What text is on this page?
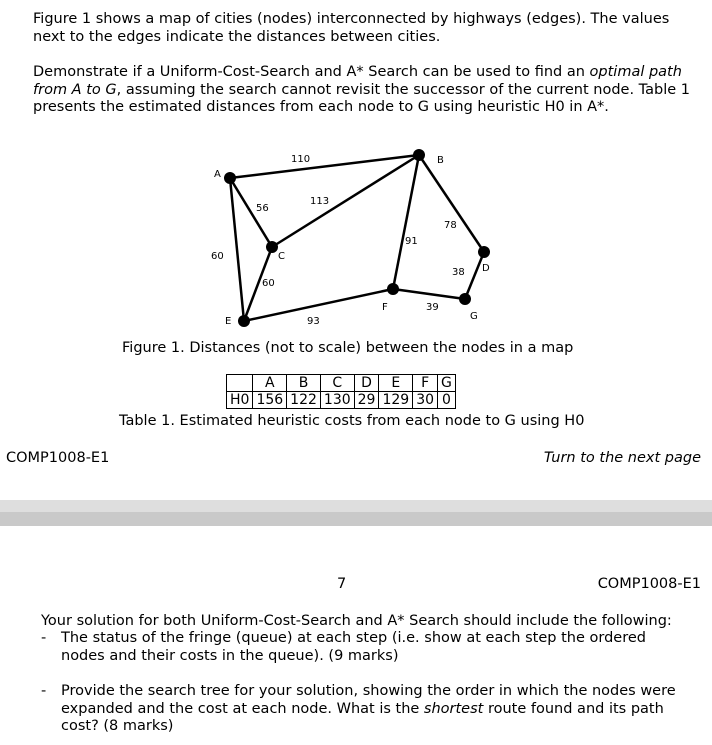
Figure 1 shows a map of cities (nodes) interconnected by highways (edges). The values next to the edges indicate the distances between cities.

Demonstrate if a Uniform-Cost-Search and A* Search can be used to find an optimal path from A to G, assuming the search cannot revisit the successor of the current node. Table 1 presents the estimated distances from each node to G using heuristic H0 in A*.

A
B
C
D
E
F
G
110
113
56
60
60
91
78
38
39
93
Figure 1. Distances (not to scale) between the nodes in a map
	A	B	C	D	E	F	G
H0	156	122	130	29	129	30	0
Table 1. Estimated heuristic costs from each node to G using H0
COMP1008-E1	Turn to the next page
7	COMP1008-E1
Your solution for both Uniform-Cost-Search and A* Search should include the following:
- The status of the fringe (queue) at each step (i.e. show at each step the ordered nodes and their costs in the queue). (9 marks)
- Provide the search tree for your solution, showing the order in which the nodes were expanded and the cost at each node. What is the shortest route found and its path cost? (8 marks)
